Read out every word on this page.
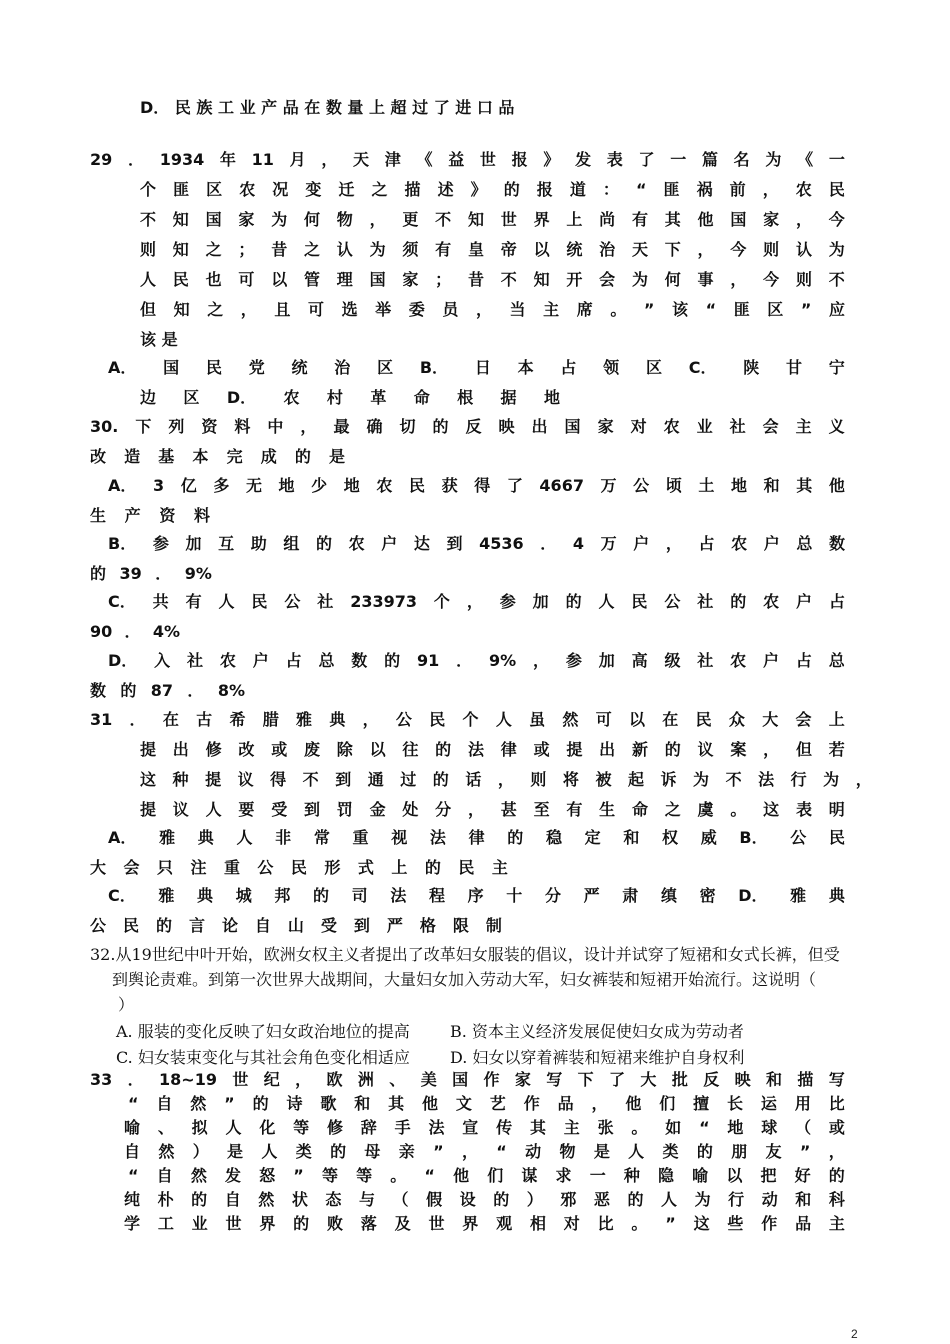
D． 民 族 工 业 产 品 在 数 量 上 超 过 了 进 口 品
29 ． 1934 年 11 月 ， 天 津 《 益 世 报 》 发 表 了 一 篇 名 为 《 一
个 匪 区 农 况 变 迁 之 描 述 》 的 报 道 ： “ 匪 祸 前 ， 农 民
不 知 国 家 为 何 物 ， 更 不 知 世 界 上 尚 有 其 他 国 家 ， 今
则 知 之 ； 昔 之 认 为 须 有 皇 帝 以 统 治 天 下 ， 今 则 认 为
人 民 也 可 以 管 理 国 家 ； 昔 不 知 开 会 为 何 事 ， 今 则 不
但 知 之 ， 且 可 选 举 委 员 ， 当 主 席 。 ” 该 “ 匪 区 ” 应
该 是
A． 国 民 党 统 治 区 B． 日 本 占 领 区 C． 陕 甘 宁
边 区 D． 农 村 革 命 根 据 地
30. 下 列 资 料 中 ， 最 确 切 的 反 映 出 国 家 对 农 业 社 会 主 义
改 造 基 本 完 成 的 是
A． 3 亿 多 无 地 少 地 农 民 获 得 了 4667 万 公 顷 土 地 和 其 他
生 产 资 料
B． 参 加 互 助 组 的 农 户 达 到 4536 ． 4 万 户 ， 占 农 户 总 数
的 39 ． 9%
C． 共 有 人 民 公 社 233973 个 ， 参 加 的 人 民 公 社 的 农 户 占
90 ． 4%
D． 入 社 农 户 占 总 数 的 91 ． 9% ， 参 加 高 级 社 农 户 占 总
数 的 87 ． 8%
31 ． 在 古 希 腊 雅 典 ， 公 民 个 人 虽 然 可 以 在 民 众 大 会 上
提 出 修 改 或 废 除 以 往 的 法 律 或 提 出 新 的 议 案 ， 但 若
这 种 提 议 得 不 到 通 过 的 话 ， 则 将 被 起 诉 为 不 法 行 为 ，
提 议 人 要 受 到 罚 金 处 分 ， 甚 至 有 生 命 之 虞 。 这 表 明
A． 雅 典 人 非 常 重 视 法 律 的 稳 定 和 权 威 B． 公 民
大 会 只 注 重 公 民 形 式 上 的 民 主
C． 雅 典 城 邦 的 司 法 程 序 十 分 严 肃 缜 密 D． 雅 典
公 民 的 言 论 自 山 受 到 严 格 限 制
32.从19世纪中叶开始，欧洲女权主义者提出了改革妇女服装的倡议，设计并试穿了短裙和女式长裤，但受
到舆论责难。到第一次世界大战期间，大量妇女加入劳动大军，妇女裤装和短裙开始流行。这说明（
）
A. 服装的变化反映了妇女政治地位的提高	B. 资本主义经济发展促使妇女成为劳动者
C. 妇女装束变化与其社会角色变化相适应	D. 妇女以穿着裤装和短裙来维护自身权利
33 ． 18~19 世 纪 ， 欧 洲 、 美 国 作 家 写 下 了 大 批 反 映 和 描 写
“ 自 然 ” 的 诗 歌 和 其 他 文 艺 作 品 ， 他 们 擅 长 运 用 比
喻 、 拟 人 化 等 修 辞 手 法 宣 传 其 主 张 。 如 “ 地 球 （ 或
自 然 ） 是 人 类 的 母 亲 ” ， “ 动 物 是 人 类 的 朋 友 ” ，
“ 自 然 发 怒 ” 等 等 。 “ 他 们 谋 求 一 种 隐 喻 以 把 好 的
纯 朴 的 自 然 状 态 与 （ 假 设 的 ） 邪 恶 的 人 为 行 动 和 科
学 工 业 世 界 的 败 落 及 世 界 观 相 对 比 。 ” 这 些 作 品 主
2
